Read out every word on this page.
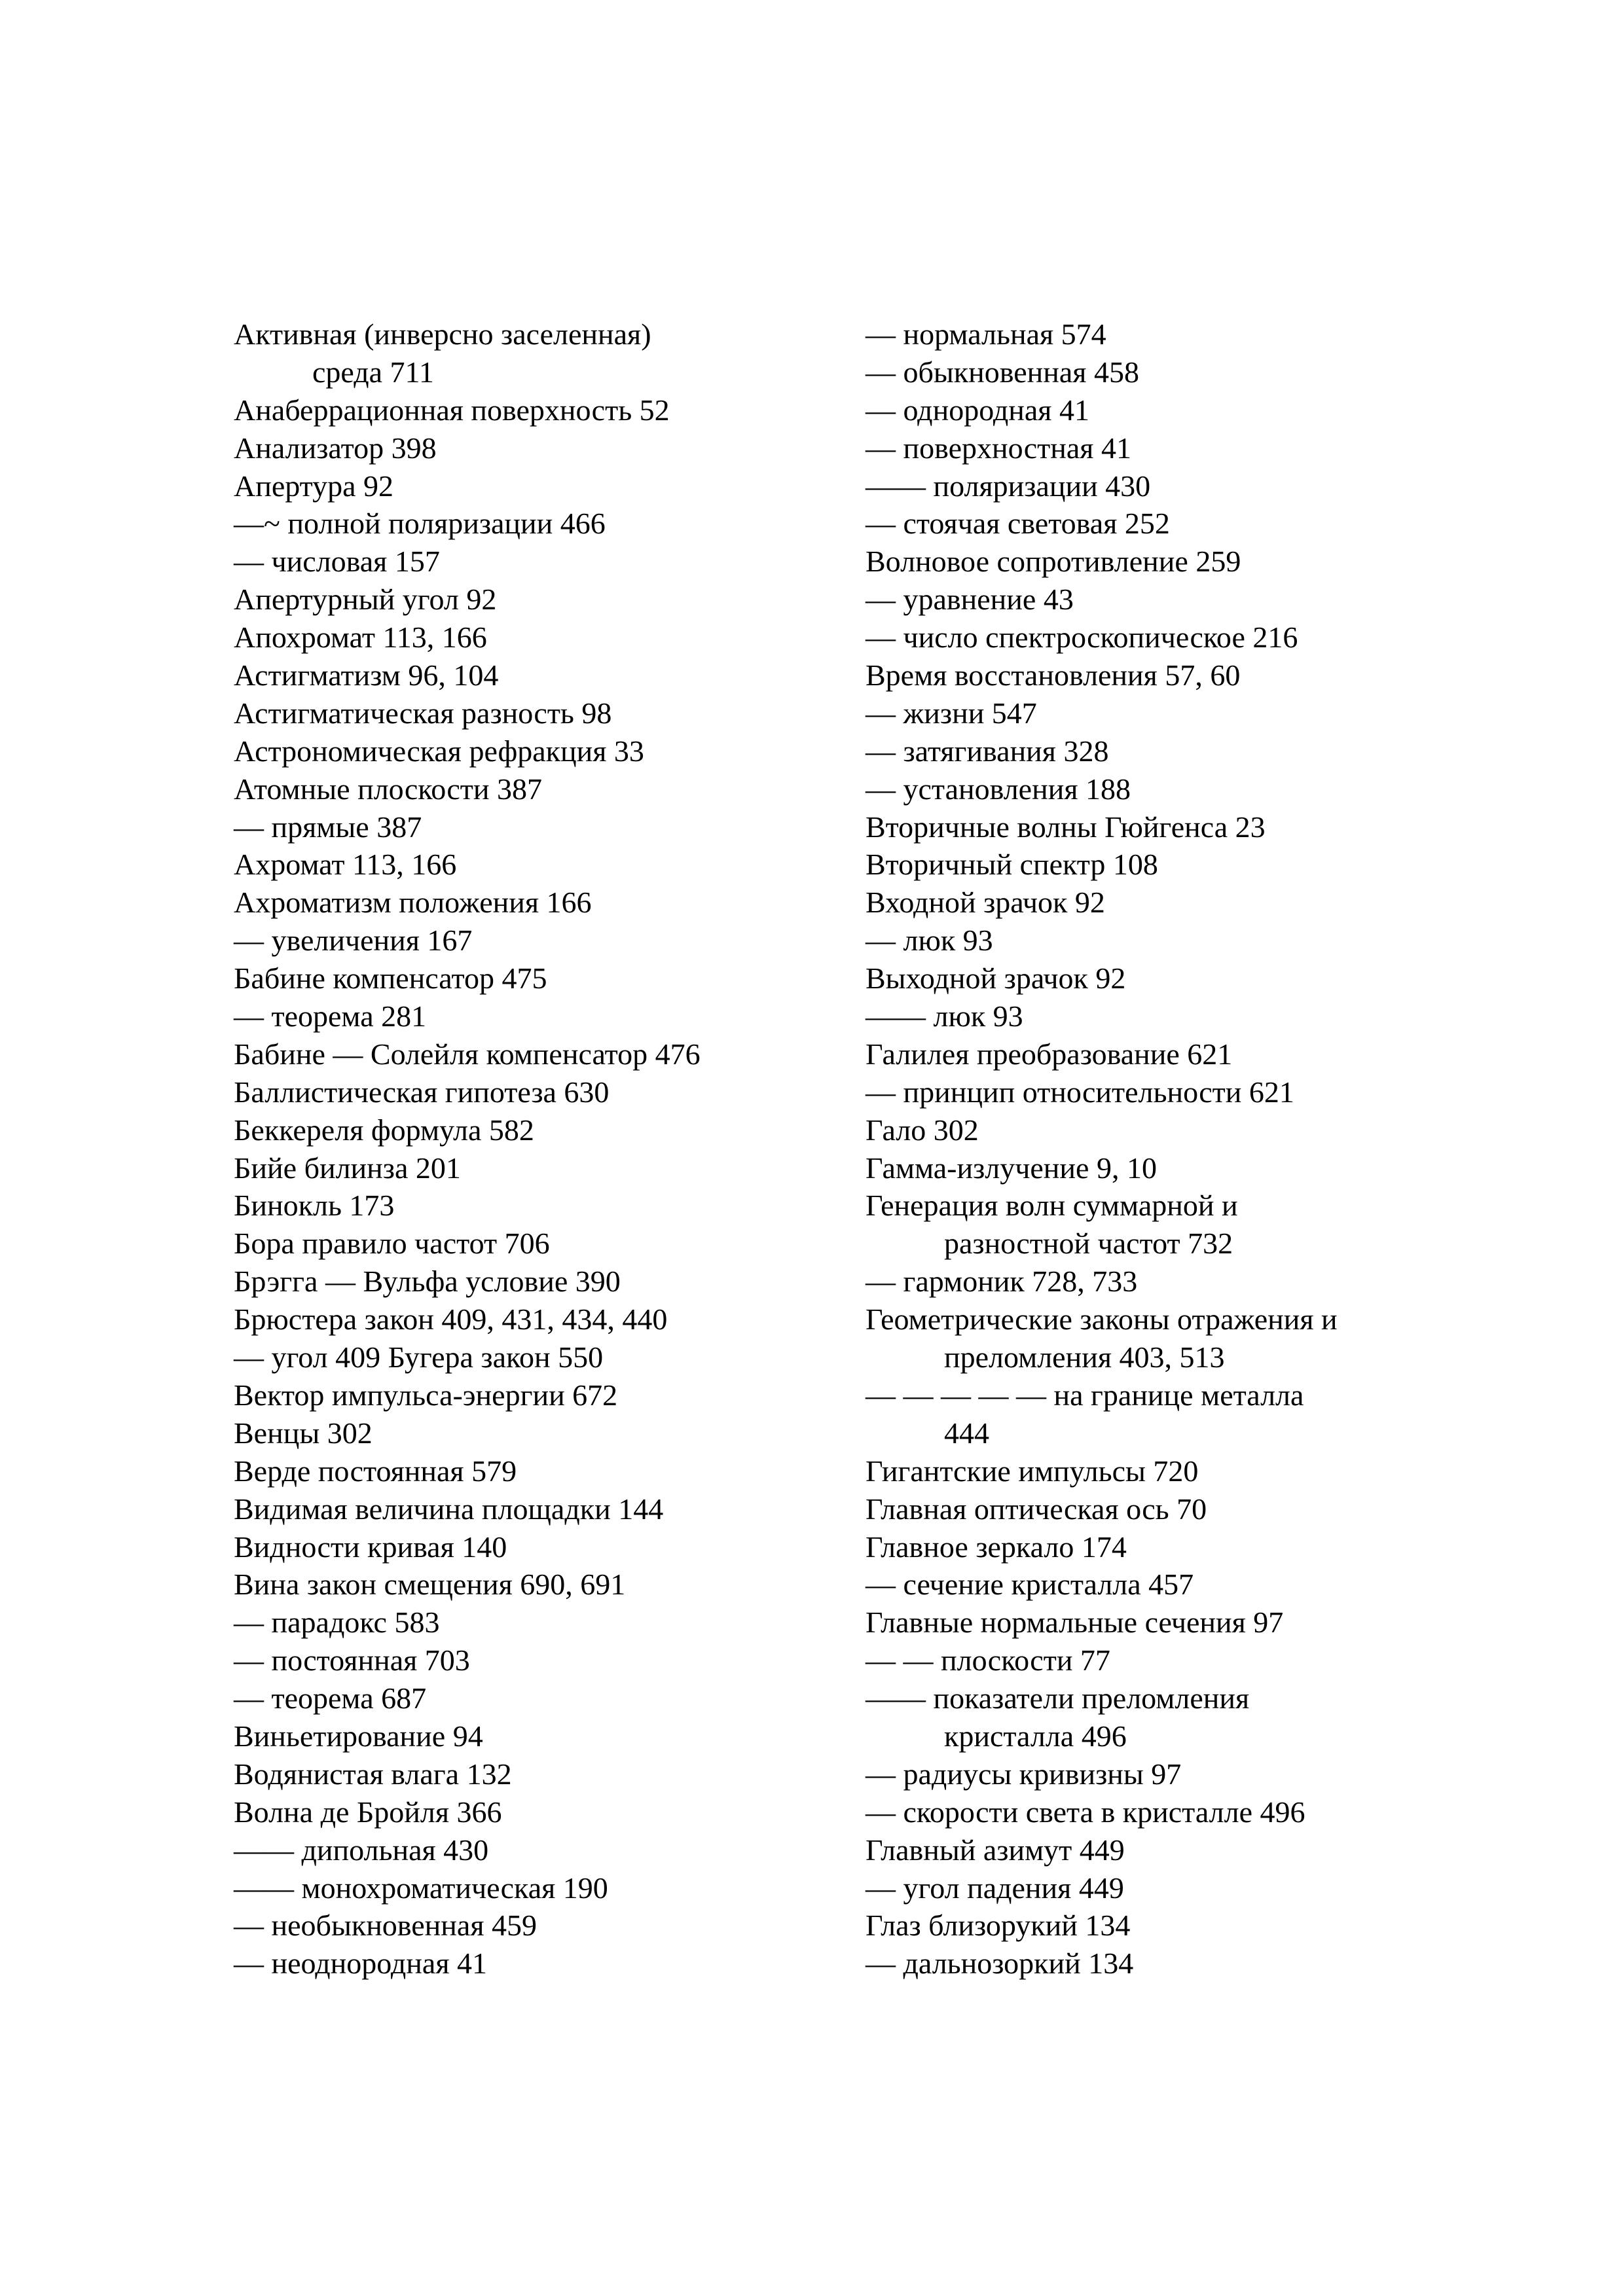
Активная (инверсно заселенная)
среда 711
Анаберрационная поверхность 52
Анализатор 398
Апертура 92
—~ полной поляризации 466
— числовая 157
Апертурный угол 92
Апохромат 113, 166
Астигматизм 96, 104
Астигматическая разность 98
Астрономическая рефракция 33
Атомные плоскости 387
— прямые 387
Ахромат 113, 166
Ахроматизм положения 166
— увеличения 167
Бабине компенсатор 475
— теорема 281
Бабине — Солейля компенсатор 476
Баллистическая гипотеза 630
Беккереля формула 582
Бийе билинза 201
Бинокль 173
Бора правило частот 706
Брэгга — Вульфа условие 390
Брюстера закон 409, 431, 434, 440
— угол 409 Бугера закон 550
Вектор импульса-энергии 672
Венцы 302
Верде постоянная 579
Видимая величина площадки 144
Видности кривая 140
Вина закон смещения 690, 691
— парадокс 583
— постоянная 703
— теорема 687
Виньетирование 94
Водянистая влага 132
Волна де Бройля 366
—— дипольная 430
—— монохроматическая 190
— необыкновенная 459
— неоднородная 41
— нормальная 574
— обыкновенная 458
— однородная 41
— поверхностная 41
—— поляризации 430
— стоячая световая 252
Волновое сопротивление 259
— уравнение 43
— число спектроскопическое 216
Время восстановления 57, 60
— жизни 547
— затягивания 328
— установления 188
Вторичные волны Гюйгенса 23
Вторичный спектр 108
Входной зрачок 92
— люк 93
Выходной зрачок 92
—— люк 93
Галилея преобразование 621
— принцип относительности 621
Гало 302
Гамма-излучение 9, 10
Генерация волн суммарной и
разностной частот 732
— гармоник 728, 733
Геометрические законы отражения и
преломления 403, 513
— — — — — на границе металла
444
Гигантские импульсы 720
Главная оптическая ось 70
Главное зеркало 174
— сечение кристалла 457
Главные нормальные сечения 97
— — плоскости 77
—— показатели преломления
кристалла 496
— радиусы кривизны 97
— скорости света в кристалле 496
Главный азимут 449
— угол падения 449
Глаз близорукий 134
— дальнозоркий 134
